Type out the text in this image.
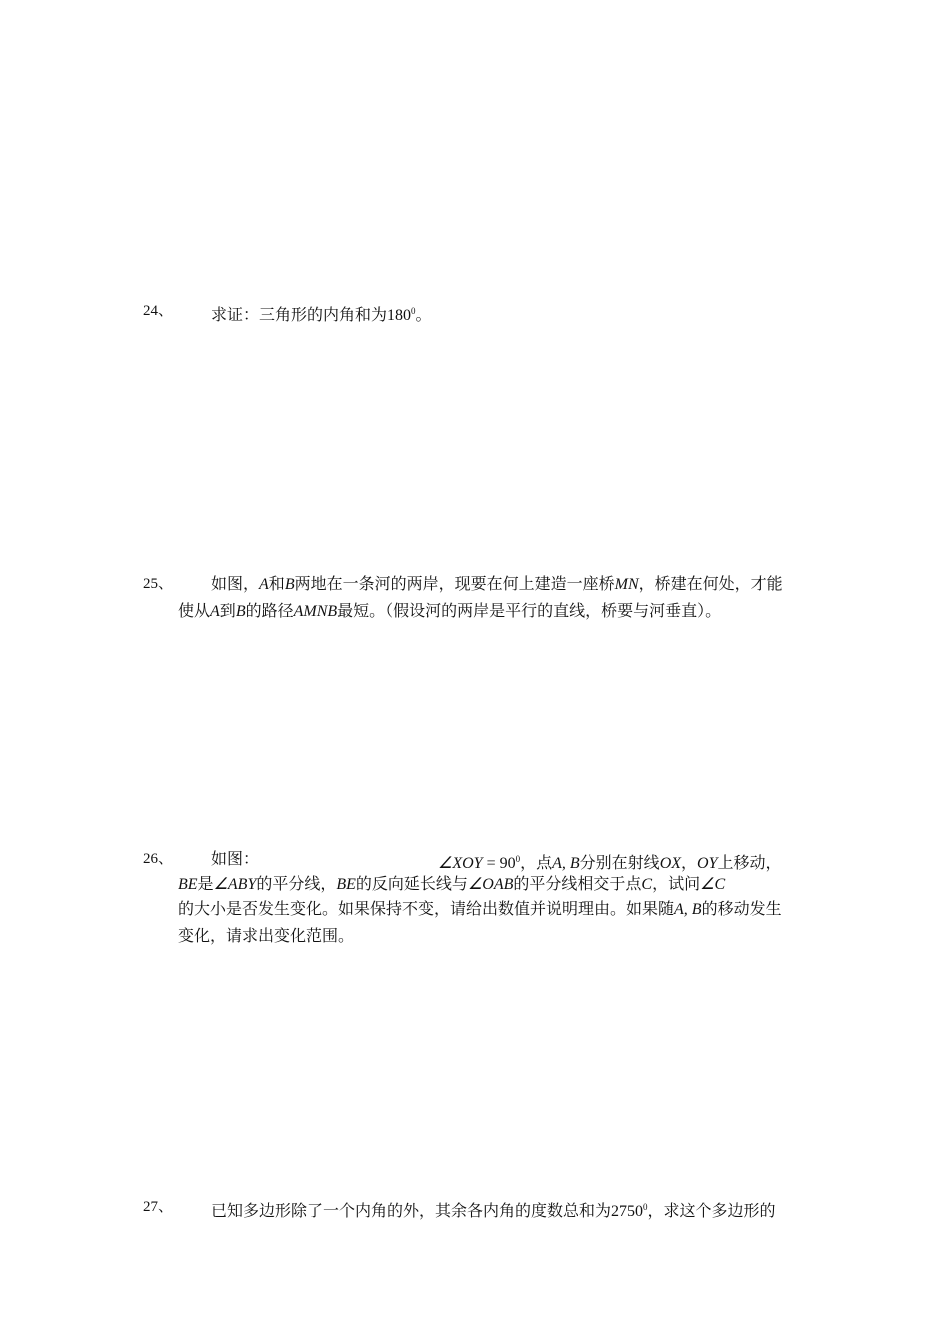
24、 求证：三角形的内角和为$180^0$。
25、 如图，A和B两地在一条河的两岸，现要在何上建造一座桥MN，桥建在何处，才能
使从A到B的路径AMNB最短。（假设河的两岸是平行的直线，桥要与河垂直）。
26、 如图：	∠XOY = $90^0$，点A, B分别在射线OX，OY上移动，
BE是∠ABY的平分线，BE的反向延长线与∠OAB的平分线相交于点C，试问∠C
的大小是否发生变化。如果保持不变，请给出数值并说明理由。如果随A, B的移动发生
变化，请求出变化范围。
27、 已知多边形除了一个内角的外，其余各内角的度数总和为2750$^0$，求这个多边形的
